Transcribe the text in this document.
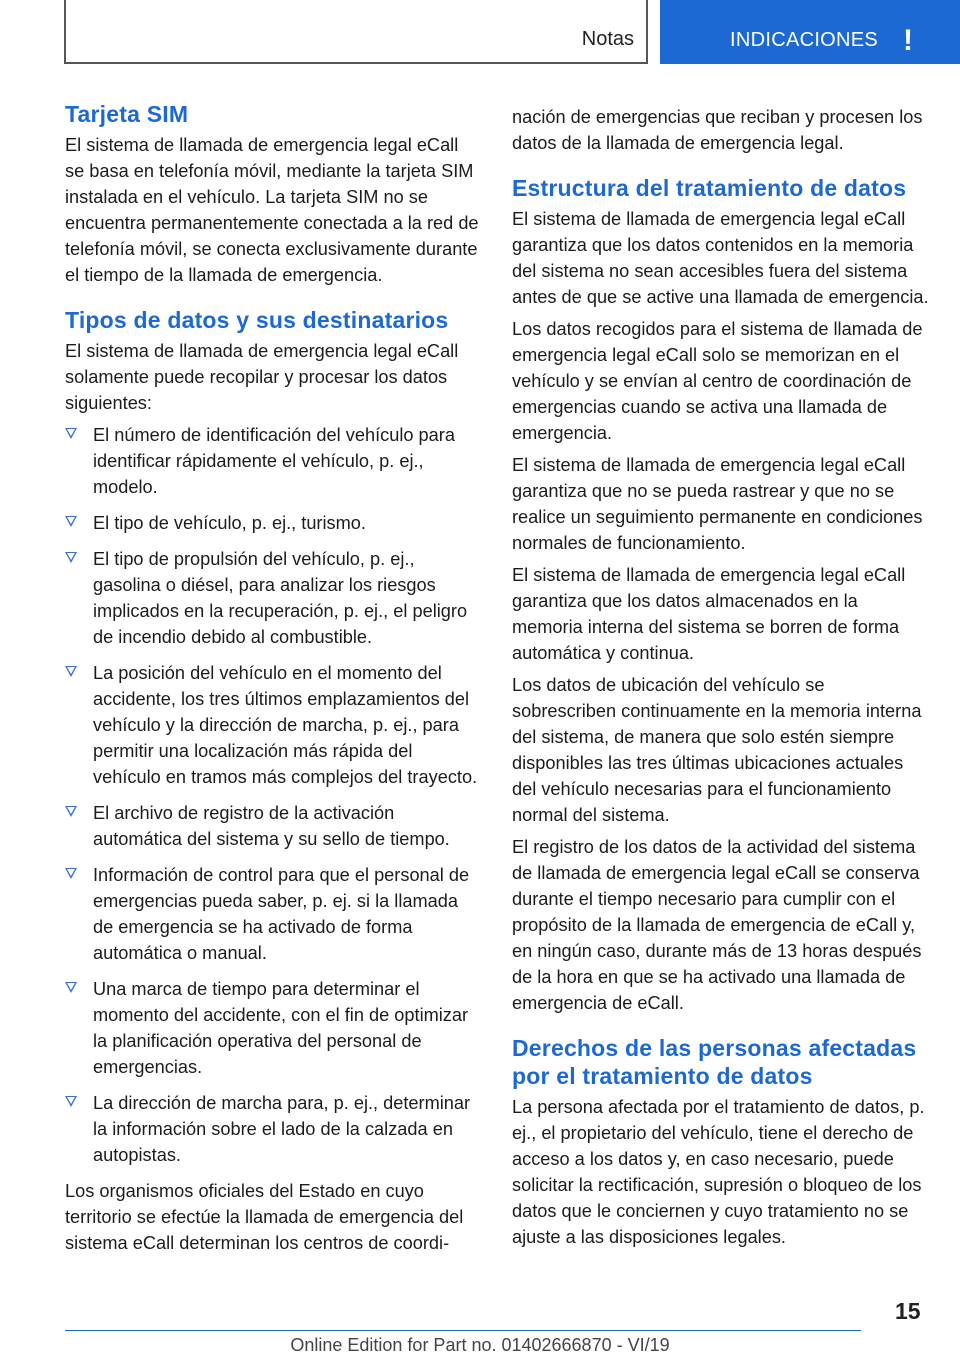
Notas	INDICACIONES !
Tarjeta SIM

El sistema de llamada de emergencia legal eCall se basa en telefonía móvil, mediante la tarjeta SIM instalada en el vehículo. La tarjeta SIM no se encuentra permanentemente conectada a la red de telefonía móvil, se conecta exclusivamente durante el tiempo de la llamada de emergencia.

Tipos de datos y sus destinatarios

El sistema de llamada de emergencia legal eCall solamente puede recopilar y procesar los datos siguientes:

El número de identificación del vehículo para identificar rápidamente el vehículo, p. ej., modelo.
El tipo de vehículo, p. ej., turismo.
El tipo de propulsión del vehículo, p. ej., gasolina o diésel, para analizar los riesgos implicados en la recuperación, p. ej., el peligro de incendio debido al combustible.
La posición del vehículo en el momento del accidente, los tres últimos emplazamientos del vehículo y la dirección de marcha, p. ej., para permitir una localización más rápida del vehículo en tramos más complejos del trayecto.
El archivo de registro de la activación automática del sistema y su sello de tiempo.
Información de control para que el personal de emergencias pueda saber, p. ej. si la llamada de emergencia se ha activado de forma automática o manual.
Una marca de tiempo para determinar el momento del accidente, con el fin de optimizar la planificación operativa del personal de emergencias.
La dirección de marcha para, p. ej., determinar la información sobre el lado de la calzada en autopistas.

Los organismos oficiales del Estado en cuyo territorio se efectúe la llamada de emergencia del sistema eCall determinan los centros de coordi-

nación de emergencias que reciban y procesen los datos de la llamada de emergencia legal.

Estructura del tratamiento de datos

El sistema de llamada de emergencia legal eCall garantiza que los datos contenidos en la memoria del sistema no sean accesibles fuera del sistema antes de que se active una llamada de emergencia.

Los datos recogidos para el sistema de llamada de emergencia legal eCall solo se memorizan en el vehículo y se envían al centro de coordinación de emergencias cuando se activa una llamada de emergencia.

El sistema de llamada de emergencia legal eCall garantiza que no se pueda rastrear y que no se realice un seguimiento permanente en condiciones normales de funcionamiento.

El sistema de llamada de emergencia legal eCall garantiza que los datos almacenados en la memoria interna del sistema se borren de forma automática y continua.

Los datos de ubicación del vehículo se sobrescriben continuamente en la memoria interna del sistema, de manera que solo estén siempre disponibles las tres últimas ubicaciones actuales del vehículo necesarias para el funcionamiento normal del sistema.

El registro de los datos de la actividad del sistema de llamada de emergencia legal eCall se conserva durante el tiempo necesario para cumplir con el propósito de la llamada de emergencia de eCall y, en ningún caso, durante más de 13 horas después de la hora en que se ha activado una llamada de emergencia de eCall.

Derechos de las personas afectadas por el tratamiento de datos

La persona afectada por el tratamiento de datos, p. ej., el propietario del vehículo, tiene el derecho de acceso a los datos y, en caso necesario, puede solicitar la rectificación, supresión o bloqueo de los datos que le conciernen y cuyo tratamiento no se ajuste a las disposiciones legales.

15
Online Edition for Part no. 01402666870 - VI/19
